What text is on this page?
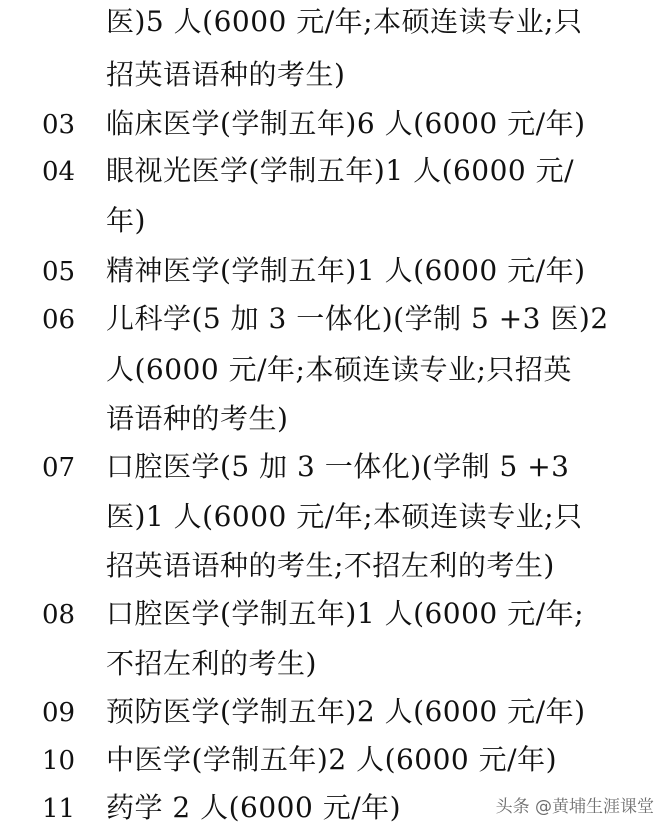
医)5 人(6000 元/年;本硕连读专业;只
招英语语种的考生)
03 临床医学(学制五年)6 人(6000 元/年)
04 眼视光医学(学制五年)1 人(6000 元/
年)
05 精神医学(学制五年)1 人(6000 元/年)
06 儿科学(5 加 3 一体化)(学制 5 +3 医)2
人(6000 元/年;本硕连读专业;只招英
语语种的考生)
07 口腔医学(5 加 3 一体化)(学制 5 +3
医)1 人(6000 元/年;本硕连读专业;只
招英语语种的考生;不招左利的考生)
08 口腔医学(学制五年)1 人(6000 元/年;
不招左利的考生)
09 预防医学(学制五年)2 人(6000 元/年)
10 中医学(学制五年)2 人(6000 元/年)
11 药学 2 人(6000 元/年)	头条 @黄埔生涯课堂
